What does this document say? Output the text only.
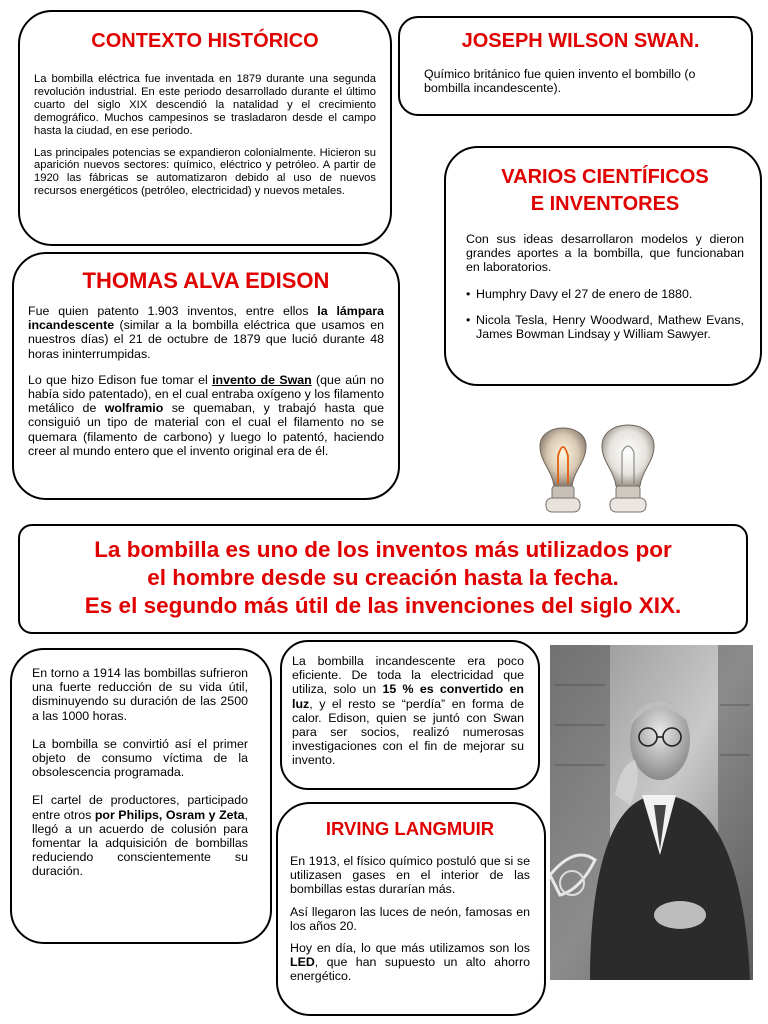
CONTEXTO HISTÓRICO

La bombilla eléctrica fue inventada en 1879 durante una segunda revolución industrial. En este periodo desarrollado durante el último cuarto del siglo XIX descendió la natalidad y el crecimiento demográfico. Muchos campesinos se trasladaron desde el campo hasta la ciudad, en ese periodo.

Las principales potencias se expandieron colonialmente. Hicieron su aparición nuevos sectores: químico, eléctrico y petróleo. A partir de 1920 las fábricas se automatizaron debido al uso de nuevos recursos energéticos (petróleo, electricidad) y nuevos metales.

JOSEPH WILSON SWAN.

Químico británico fue quien invento el bombillo (o bombilla incandescente).

VARIOS CIENTÍFICOS
E INVENTORES

Con sus ideas desarrollaron modelos y dieron grandes aportes a la bombilla, que funcionaban en laboratorios.

• Humphry Davy el 27 de enero de 1880.
• Nicola Tesla, Henry Woodward, Mathew Evans, James Bowman Lindsay y William Sawyer.
THOMAS ALVA EDISON

Fue quien patento 1.903 inventos, entre ellos la lámpara incandescente (similar a la bombilla eléctrica que usamos en nuestros días) el 21 de octubre de 1879 que lució durante 48 horas ininterrumpidas.

Lo que hizo Edison fue tomar el invento de Swan (que aún no había sido patentado), en el cual entraba oxígeno y los filamento metálico de wolframio se quemaban, y trabajó hasta que consiguió un tipo de material con el cual el filamento no se quemara (filamento de carbono) y luego lo patentó, haciendo creer al mundo entero que el invento original era de él.

La bombilla es uno de los inventos más utilizados por
el hombre desde su creación hasta la fecha.
Es el segundo más útil de las invenciones del siglo XIX.

En torno a 1914 las bombillas sufrieron una fuerte reducción de su vida útil, disminuyendo su duración de las 2500 a las 1000 horas.

La bombilla se convirtió así el primer objeto de consumo víctima de la obsolescencia programada.

El cartel de productores, participado entre otros por Philips, Osram y Zeta, llegó a un acuerdo de colusión para fomentar la adquisición de bombillas reduciendo conscientemente su duración.

La bombilla incandescente era poco eficiente. De toda la electricidad que utiliza, solo un 15 % es convertido en luz, y el resto se “perdía” en forma de calor. Edison, quien se juntó con Swan para ser socios, realizó numerosas investigaciones con el fin de mejorar su invento.

IRVING LANGMUIR

En 1913, el físico químico postuló que si se utilizasen gases en el interior de las bombillas estas durarían más.

Así llegaron las luces de neón, famosas en los años 20.

Hoy en día, lo que más utilizamos son los LED, que han supuesto un alto ahorro energético.
